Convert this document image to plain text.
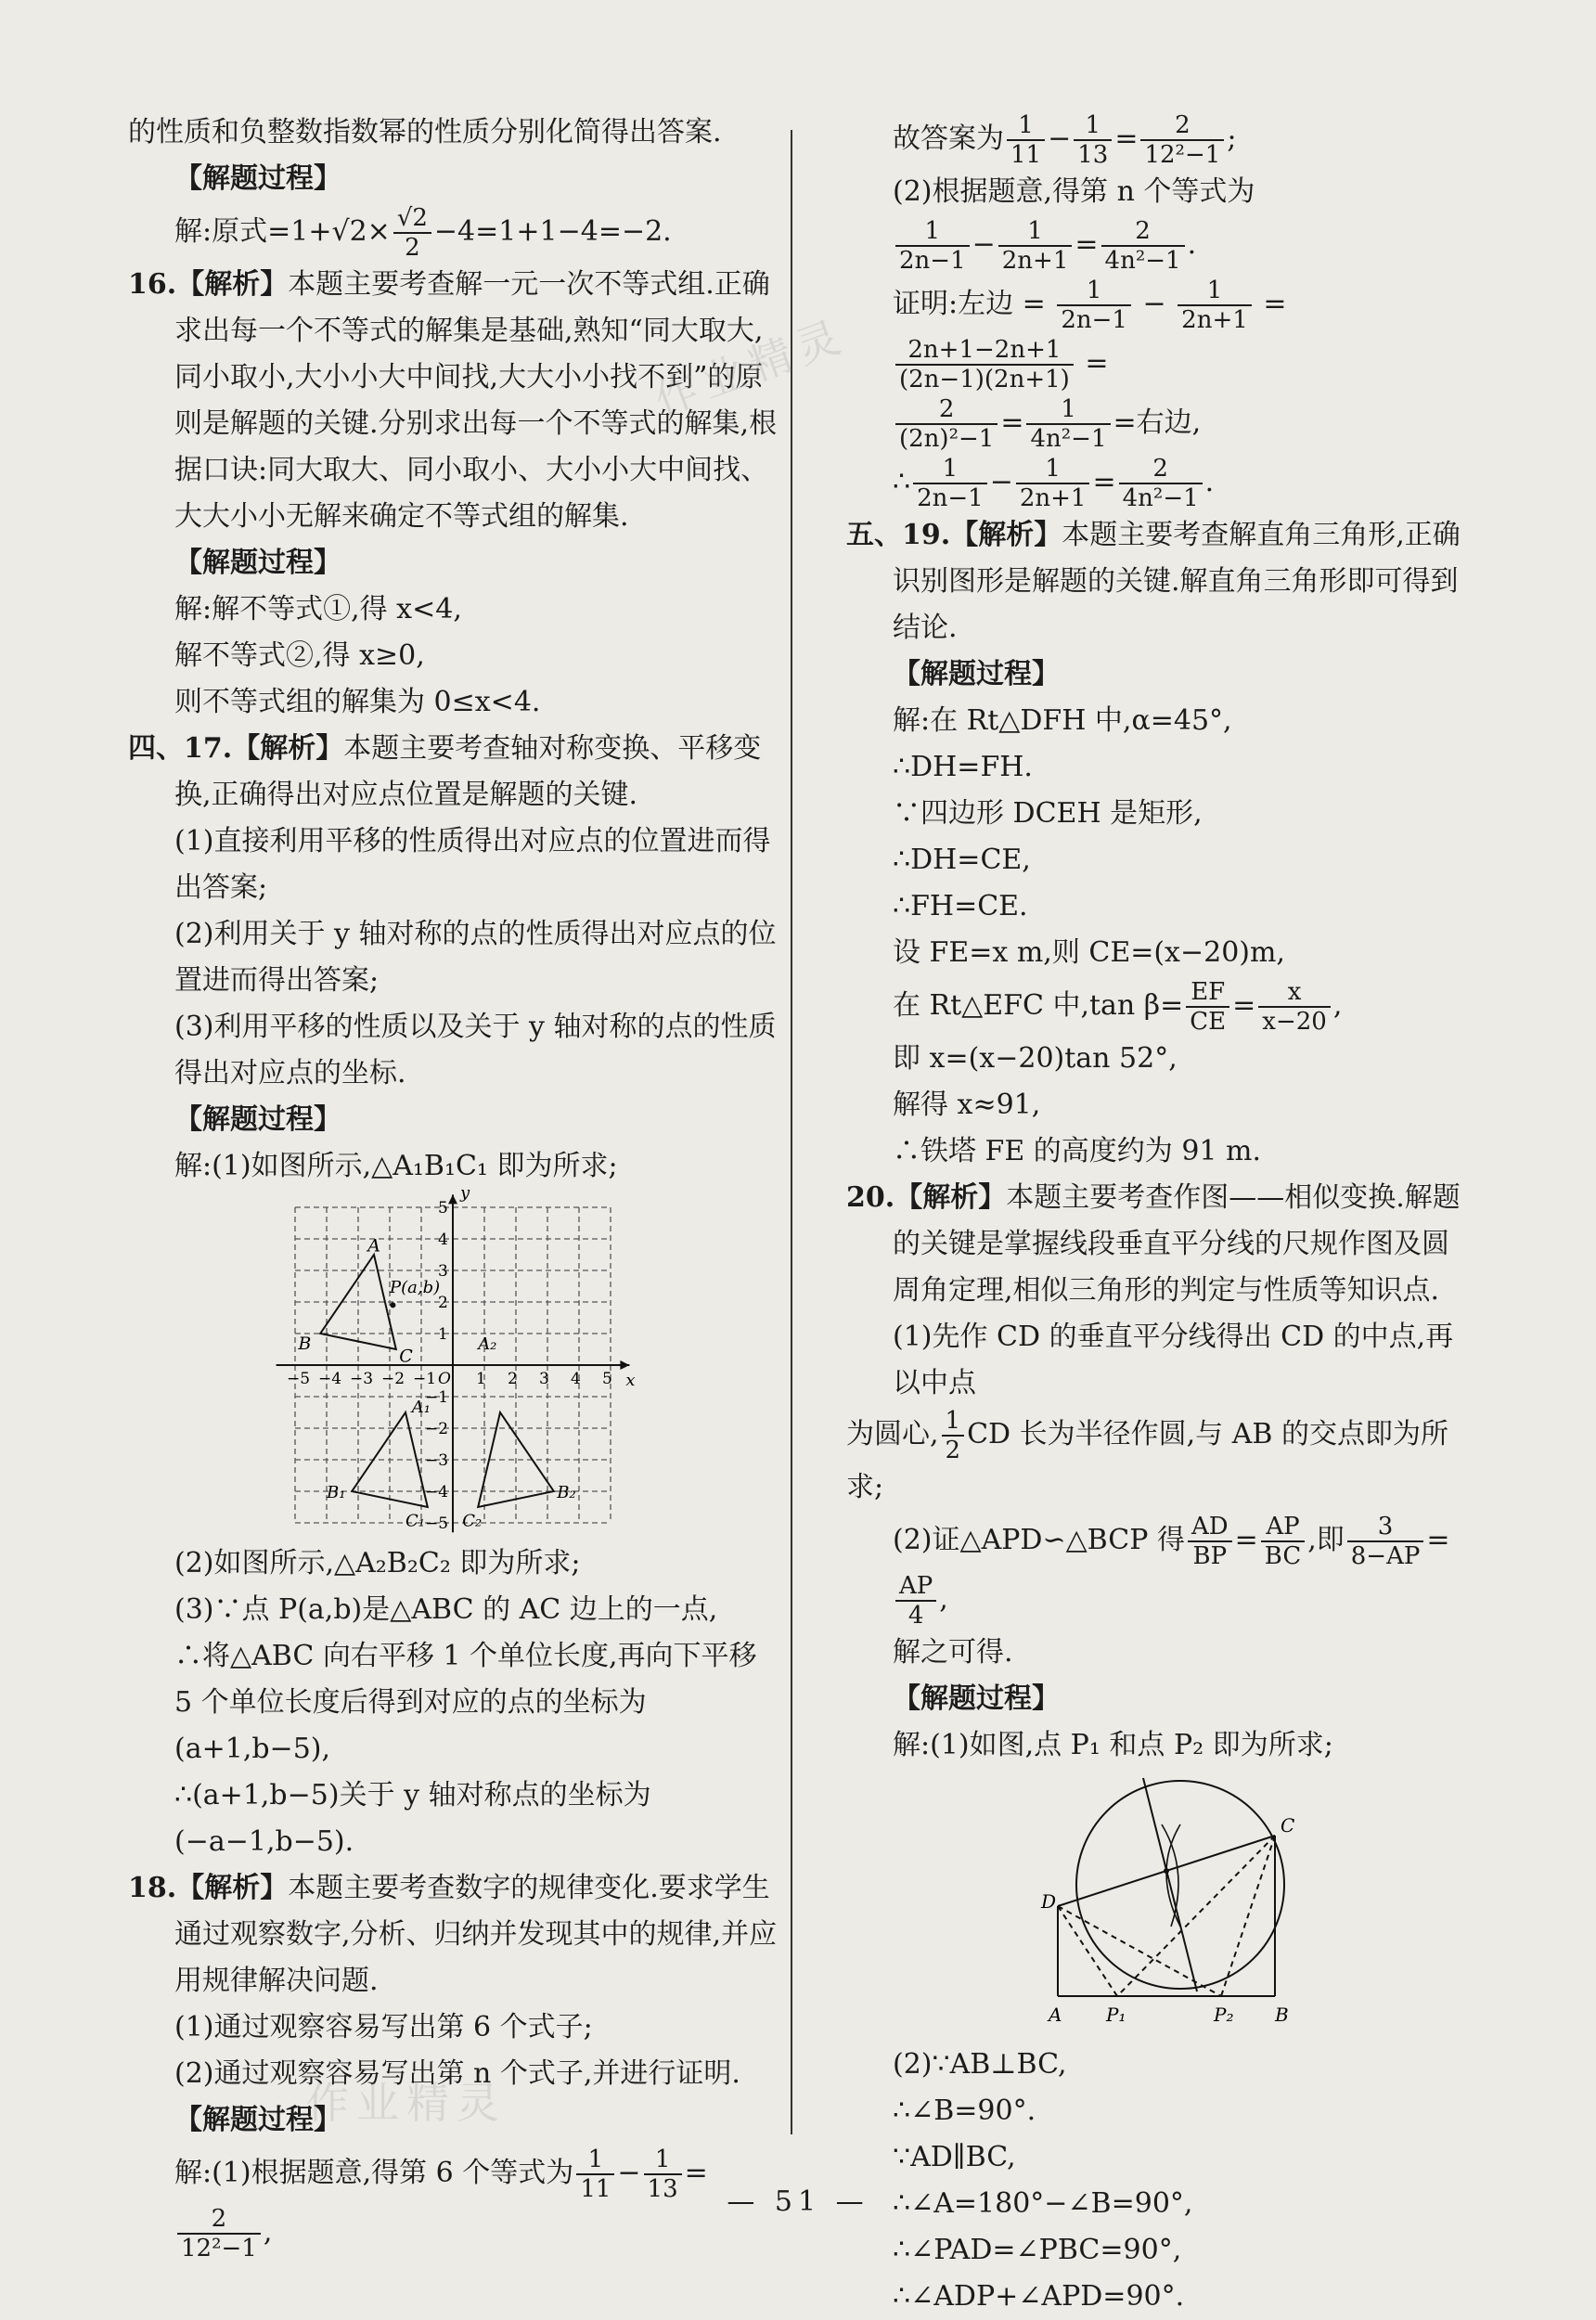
的性质和负整数指数幂的性质分别化简得出答案.

【解题过程】

解:原式$=1+√2\times \frac{√2}{2} -4=1+1-4=-2$.

16.【解析】本题主要考查解一元一次不等式组.正确求出每一个不等式的解集是基础,熟知“同大取大,同小取小,大小小大中间找,大大小小找不到”的原则是解题的关键.分别求出每一个不等式的解集,根据口诀:同大取大、同小取小、大小小大中间找、大大小小无解来确定不等式组的解集.

【解题过程】

解:解不等式①,得 x<4,

解不等式②,得 x≥0,

则不等式组的解集为 0≤x<4.

四、17.【解析】本题主要考查轴对称变换、平移变换,正确得出对应点位置是解题的关键.

(1)直接利用平移的性质得出对应点的位置进而得出答案;

(2)利用关于 y 轴对称的点的性质得出对应点的位置进而得出答案;

(3)利用平移的性质以及关于 y 轴对称的点的性质得出对应点的坐标.

【解题过程】

解:(1)如图所示,△A₁B₁C₁ 即为所求;

−5 −4 −3 −2 −1	1 2 3 4 5
5
4
3
2
1
−1
−2
−3
−4
−5
O	x
y
A
P(a,b)
B
C
A₁
B₁
C₁
A₂
B₂
C₂

(2)如图所示,△A₂B₂C₂ 即为所求;

(3)∵点 P(a,b)是△ABC 的 AC 边上的一点,

∴将△ABC 向右平移 1 个单位长度,再向下平移 5 个单位长度后得到对应的点的坐标为(a+1,b−5),

∴(a+1,b−5)关于 y 轴对称点的坐标为(−a−1,b−5).

18.【解析】本题主要考查数字的规律变化.要求学生通过观察数字,分析、归纳并发现其中的规律,并应用规律解决问题.

(1)通过观察容易写出第 6 个式子;

(2)通过观察容易写出第 n 个式子,并进行证明.

【解题过程】

解:(1)根据题意,得第 6 个等式为 $\frac{1}{11} - \frac{1}{13}$ =
$\frac{2}{\text{12²−1}}$ ,

故答案为 $\frac{1}{11} - \frac{1}{13} = \frac{2}{\text{12²−1}}$ ;

(2)根据题意,得第 n 个等式为

$\frac{1}{2n-1} - \frac{1}{2n+1} = \frac{2}{\text{4n²−1}}$ .

证明:左边 = $\frac{1}{2n-1} - \frac{1}{2n+1}$ =
$\frac{2n+1-2n+1}{(2n-1)(2n+1)}$ =

$\frac{2}{\text{(2n)²−1}} = \frac{1}{\text{4n²−1}}$ =右边,

∴ $\frac{1}{2n-1} - \frac{1}{2n+1} = \frac{2}{\text{4n²−1}}$ .

五、19.【解析】本题主要考查解直角三角形,正确识别图形是解题的关键.解直角三角形即可得到结论.

【解题过程】

解:在 Rt△DFH 中,α=45°,

∴DH=FH.

∵四边形 DCEH 是矩形,

∴DH=CE,

∴FH=CE.

设 FE=x m,则 CE=(x−20)m,

在 Rt△EFC 中,tan $\beta= \frac{EF}{CE} = \frac{x}{x-20}$ ,

即 x=(x−20)tan 52°,

解得 x≈91,

∴铁塔 FE 的高度约为 91 m.

20.【解析】本题主要考查作图——相似变换.解题的关键是掌握线段垂直平分线的尺规作图及圆周角定理,相似三角形的判定与性质等知识点.

(1)先作 CD 的垂直平分线得出 CD 的中点,再以中点

为圆心, $\frac{1}{2}$ CD 长为半径作圆,与 AB 的交点即为所求;

(2)证△APD∽△BCP 得 $\frac{AD}{BP} = \frac{AP}{BC}$ ,即 $\frac{3}{8-AP}$ =
$\frac{AP}{4}$ ,

解之可得.

【解题过程】

解:(1)如图,点 P₁ 和点 P₂ 即为所求;

A	B
C
D
P₁	P₂

(2)∵AB⊥BC,

∴∠B=90°.

∵AD∥BC,

∴∠A=180°−∠B=90°,

∴∠PAD=∠PBC=90°,

∴∠ADP+∠APD=90°.

作业精灵
作业精灵
— 51 —
